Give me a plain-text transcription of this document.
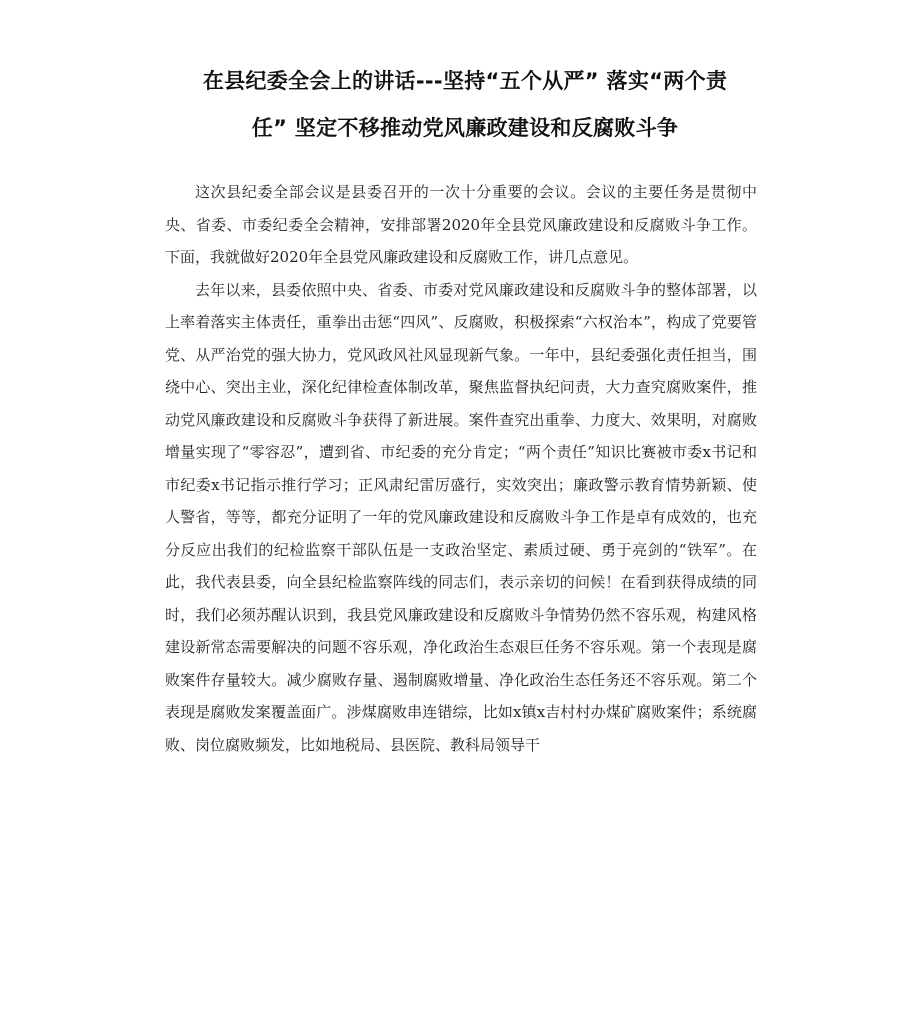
在县纪委全会上的讲话---坚持“五个从严” 落实“两个责
任” 坚定不移推动党风廉政建设和反腐败斗争

这次县纪委全部会议是县委召开的一次十分重要的会议。会议的主要任务是贯彻中央、省委、市委纪委全会精神，安排部署2020年全县党风廉政建设和反腐败斗争工作。下面，我就做好2020年全县党风廉政建设和反腐败工作，讲几点意见。

去年以来，县委依照中央、省委、市委对党风廉政建设和反腐败斗争的整体部署，以上率着落实主体责任，重拳出击惩“四风”、反腐败，积极探索“六权治本”，构成了党要管党、从严治党的强大协力，党风政风社风显现新气象。一年中，县纪委强化责任担当，围绕中心、突出主业，深化纪律检查体制改革，聚焦监督执纪问责，大力查究腐败案件，推动党风廉政建设和反腐败斗争获得了新进展。案件查究出重拳、力度大、效果明，对腐败增量实现了“零容忍”，遭到省、市纪委的充分肯定；“两个责任”知识比赛被市委x书记和市纪委x书记指示推行学习；正风肃纪雷厉盛行，实效突出；廉政警示教育情势新颖、使人警省，等等，都充分证明了一年的党风廉政建设和反腐败斗争工作是卓有成效的，也充分反应出我们的纪检监察干部队伍是一支政治坚定、素质过硬、勇于亮剑的“铁军”。在此，我代表县委，向全县纪检监察阵线的同志们，表示亲切的问候！在看到获得成绩的同时，我们必须苏醒认识到，我县党风廉政建设和反腐败斗争情势仍然不容乐观，构建风格建设新常态需要解决的问题不容乐观，净化政治生态艰巨任务不容乐观。第一个表现是腐败案件存量较大。减少腐败存量、遏制腐败增量、净化政治生态任务还不容乐观。第二个表现是腐败发案覆盖面广。涉煤腐败串连错综，比如x镇x吉村村办煤矿腐败案件；系统腐败、岗位腐败频发，比如地税局、县医院、教科局领导干
